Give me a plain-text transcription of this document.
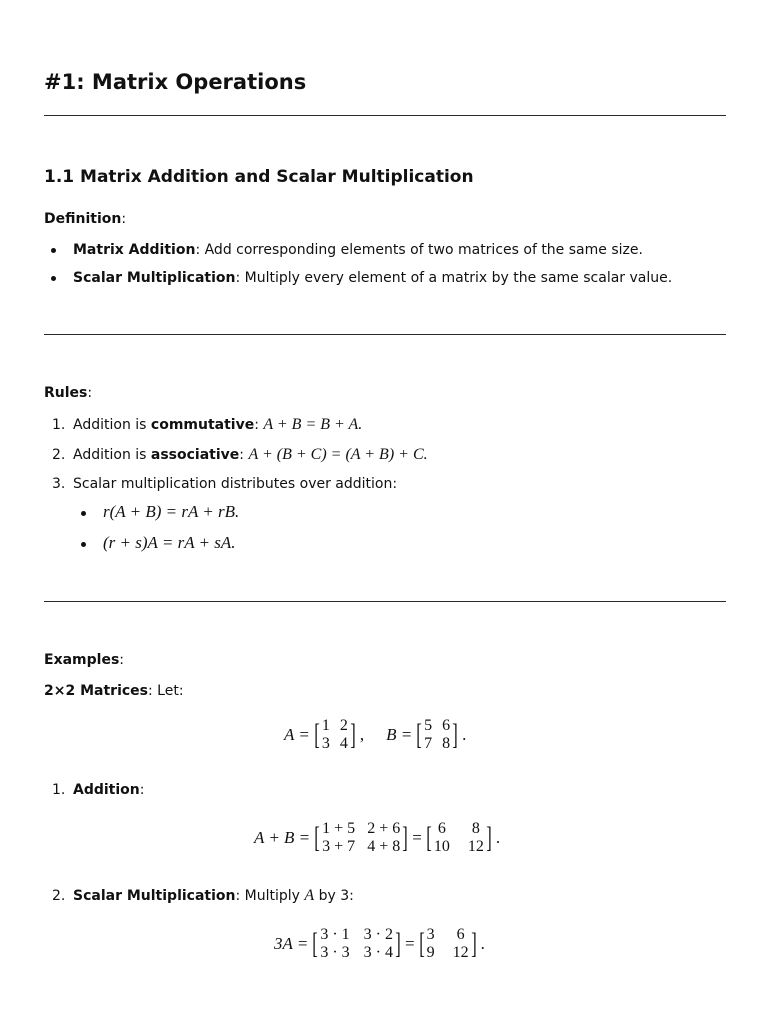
#1: Matrix Operations
1.1 Matrix Addition and Scalar Multiplication
Definition:
Matrix Addition: Add corresponding elements of two matrices of the same size.
Scalar Multiplication: Multiply every element of a matrix by the same scalar value.
Rules:
1. Addition is commutative: A + B = B + A.
2. Addition is associative: A + (B + C) = (A + B) + C.
3. Scalar multiplication distributes over addition:
r(A + B) = rA + rB.
(r + s)A = rA + sA.
Examples:
2×2 Matrices: Let:
A = [ 1 2
3 4 ] , B = [ 5 6
7 8 ] .
1. Addition:
A + B = [ 1 + 5 2 + 6
3 + 7 4 + 8 ] = [ 6 8
10 12 ] .
2. Scalar Multiplication: Multiply A by 3:
3A = [ 3 · 1 3 · 2
3 · 3 3 · 4 ] = [ 3 6
9 12 ] .
